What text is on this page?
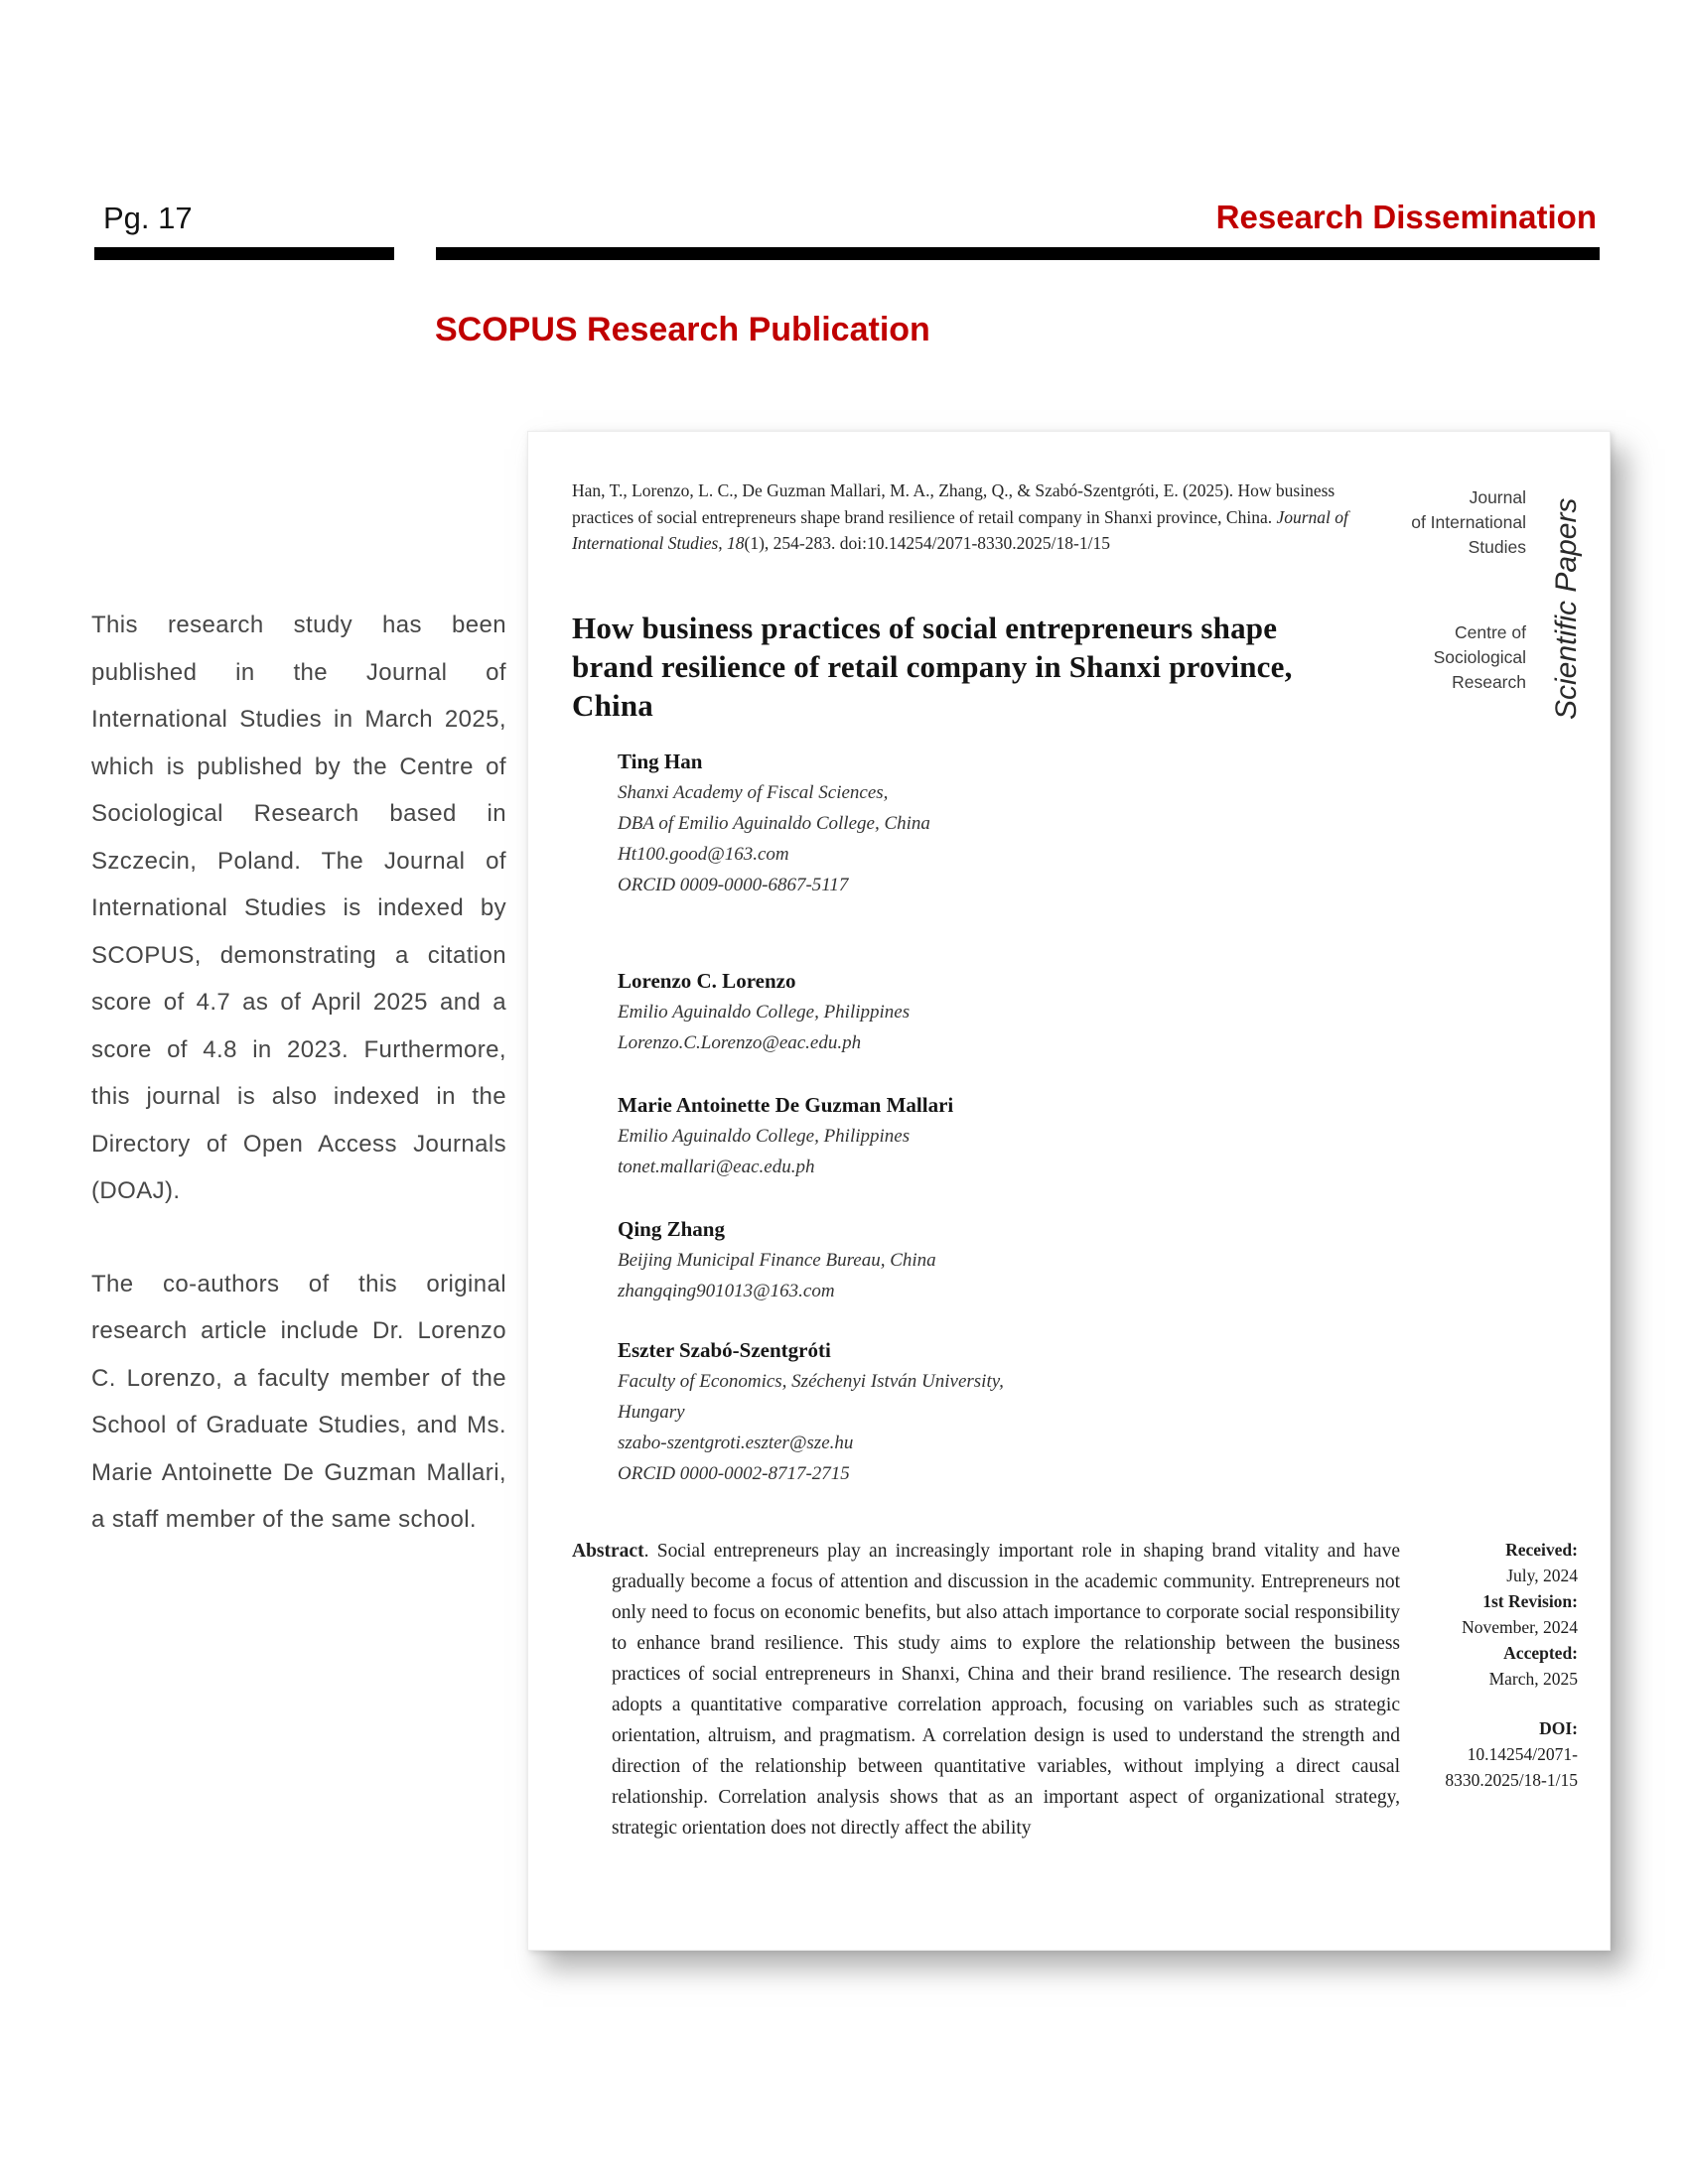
Pg. 17	Research Dissemination
SCOPUS Research Publication

This research study has been published in the Journal of International Studies in March 2025, which is published by the Centre of Sociological Research based in Szczecin, Poland. The Journal of International Studies is indexed by SCOPUS, demonstrating a citation score of 4.7 as of April 2025 and a score of 4.8 in 2023. Furthermore, this journal is also indexed in the Directory of Open Access Journals (DOAJ).

The co-authors of this original research article include Dr. Lorenzo C. Lorenzo, a faculty member of the School of Graduate Studies, and Ms. Marie Antoinette De Guzman Mallari, a staff member of the same school.

Han, T., Lorenzo, L. C., De Guzman Mallari, M. A., Zhang, Q., & Szabó-Szentgróti, E. (2025). How business practices of social entrepreneurs shape brand resilience of retail company in Shanxi province, China. Journal of International Studies, 18(1), 254-283. doi:10.14254/2071-8330.2025/18-1/15
How business practices of social entrepreneurs shape brand resilience of retail company in Shanxi province, China
Ting Han
Shanxi Academy of Fiscal Sciences,
DBA of Emilio Aguinaldo College, China
Ht100.good@163.com
ORCID 0009-0000-6867-5117
Lorenzo C. Lorenzo
Emilio Aguinaldo College, Philippines
Lorenzo.C.Lorenzo@eac.edu.ph
Marie Antoinette De Guzman Mallari
Emilio Aguinaldo College, Philippines
tonet.mallari@eac.edu.ph
Qing Zhang
Beijing Municipal Finance Bureau, China
zhangqing901013@163.com
Eszter Szabó-Szentgróti
Faculty of Economics, Széchenyi István University,
Hungary
szabo-szentgroti.eszter@sze.hu
ORCID 0000-0002-8717-2715
Abstract. Social entrepreneurs play an increasingly important role in shaping brand vitality and have gradually become a focus of attention and discussion in the academic community. Entrepreneurs not only need to focus on economic benefits, but also attach importance to corporate social responsibility to enhance brand resilience. This study aims to explore the relationship between the business practices of social entrepreneurs in Shanxi, China and their brand resilience. The research design adopts a quantitative comparative correlation approach, focusing on variables such as strategic orientation, altruism, and pragmatism. A correlation design is used to understand the strength and direction of the relationship between quantitative variables, without implying a direct causal relationship. Correlation analysis shows that as an important aspect of organizational strategy, strategic orientation does not directly affect the ability
Journal
of International
Studies
Centre of
Sociological
Research Scientific Papers
Received:
July, 2024
1st Revision:
November, 2024
Accepted:
March, 2025
DOI:
10.14254/2071-
8330.2025/18-1/15
